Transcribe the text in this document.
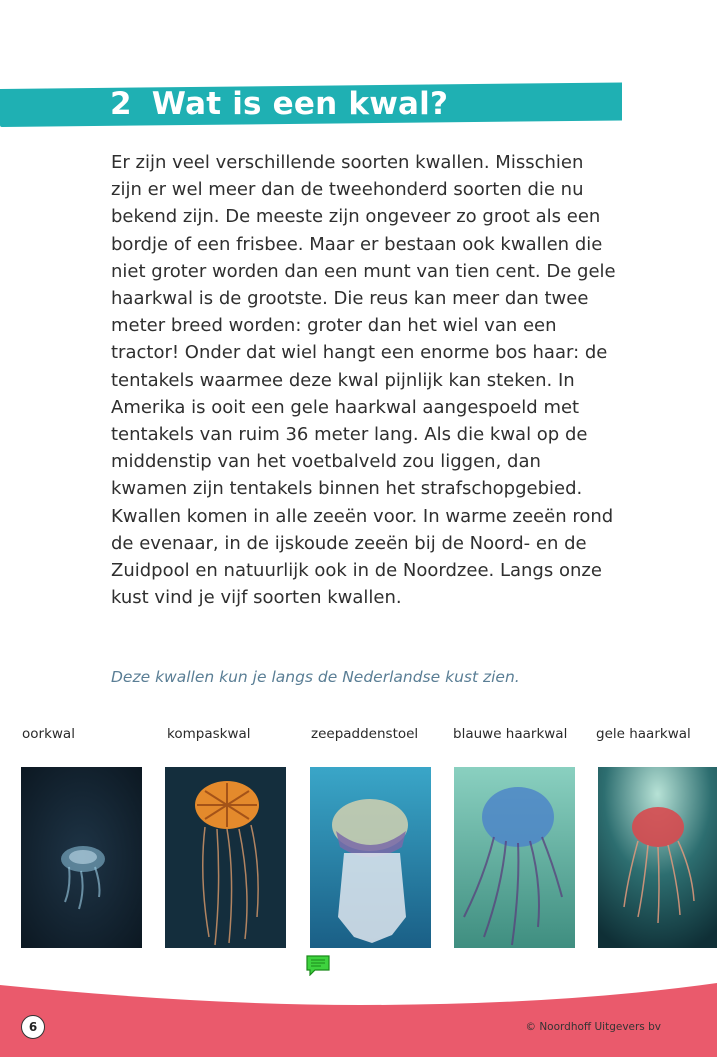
2 Wat is een kwal?

Er zijn veel verschillende soorten kwallen. Misschien zijn er wel meer dan de tweehonderd soorten die nu bekend zijn. De meeste zijn ongeveer zo groot als een bordje of een frisbee. Maar er bestaan ook kwallen die niet groter worden dan een munt van tien cent. De gele haarkwal is de grootste. Die reus kan meer dan twee meter breed worden: groter dan het wiel van een tractor! Onder dat wiel hangt een enorme bos haar: de tentakels waarmee deze kwal pijnlijk kan steken. In Amerika is ooit een gele haarkwal aangespoeld met tentakels van ruim 36 meter lang. Als die kwal op de middenstip van het voetbalveld zou liggen, dan kwamen zijn tentakels binnen het strafschopgebied.

Kwallen komen in alle zeeën voor. In warme zeeën rond de evenaar, in de ijskoude zeeën bij de Noord- en de Zuidpool en natuurlijk ook in de Noordzee. Langs onze kust vind je vijf soorten kwallen.

Deze kwallen kun je langs de Nederlandse kust zien.
oorkwal	kompaskwal	zeepaddenstoel	blauwe haarkwal gele haarkwal
6	© Noordhoff Uitgevers bv
